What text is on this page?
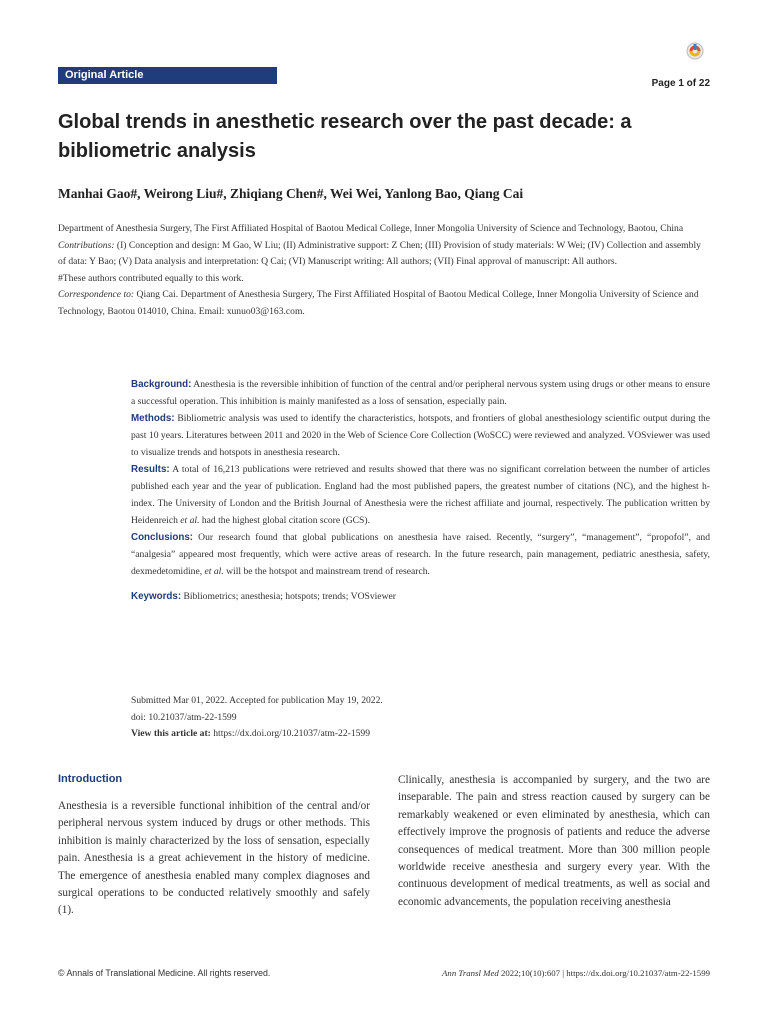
Original Article
Page 1 of 22
Global trends in anesthetic research over the past decade: a bibliometric analysis
Manhai Gao#, Weirong Liu#, Zhiqiang Chen#, Wei Wei, Yanlong Bao, Qiang Cai

Department of Anesthesia Surgery, The First Affiliated Hospital of Baotou Medical College, Inner Mongolia University of Science and Technology, Baotou, China

Contributions: (I) Conception and design: M Gao, W Liu; (II) Administrative support: Z Chen; (III) Provision of study materials: W Wei; (IV) Collection and assembly of data: Y Bao; (V) Data analysis and interpretation: Q Cai; (VI) Manuscript writing: All authors; (VII) Final approval of manuscript: All authors.

#These authors contributed equally to this work.

Correspondence to: Qiang Cai. Department of Anesthesia Surgery, The First Affiliated Hospital of Baotou Medical College, Inner Mongolia University of Science and Technology, Baotou 014010, China. Email: xunuo03@163.com.

Background: Anesthesia is the reversible inhibition of function of the central and/or peripheral nervous system using drugs or other means to ensure a successful operation. This inhibition is mainly manifested as a loss of sensation, especially pain.

Methods: Bibliometric analysis was used to identify the characteristics, hotspots, and frontiers of global anesthesiology scientific output during the past 10 years. Literatures between 2011 and 2020 in the Web of Science Core Collection (WoSCC) were reviewed and analyzed. VOSviewer was used to visualize trends and hotspots in anesthesia research.

Results: A total of 16,213 publications were retrieved and results showed that there was no significant correlation between the number of articles published each year and the year of publication. England had the most published papers, the greatest number of citations (NC), and the highest h-index. The University of London and the British Journal of Anesthesia were the richest affiliate and journal, respectively. The publication written by Heidenreich et al. had the highest global citation score (GCS).

Conclusions: Our research found that global publications on anesthesia have raised. Recently, “surgery”, “management”, “propofol”, and “analgesia” appeared most frequently, which were active areas of research. In the future research, pain management, pediatric anesthesia, safety, dexmedetomidine, et al. will be the hotspot and mainstream trend of research.

Keywords: Bibliometrics; anesthesia; hotspots; trends; VOSviewer

Submitted Mar 01, 2022. Accepted for publication May 19, 2022.

doi: 10.21037/atm-22-1599

View this article at: https://dx.doi.org/10.21037/atm-22-1599

Introduction

Anesthesia is a reversible functional inhibition of the central and/or peripheral nervous system induced by drugs or other methods. This inhibition is mainly characterized by the loss of sensation, especially pain. Anesthesia is a great achievement in the history of medicine. The emergence of anesthesia enabled many complex diagnoses and surgical operations to be conducted relatively smoothly and safely (1).

Clinically, anesthesia is accompanied by surgery, and the two are inseparable. The pain and stress reaction caused by surgery can be remarkably weakened or even eliminated by anesthesia, which can effectively improve the prognosis of patients and reduce the adverse consequences of medical treatment. More than 300 million people worldwide receive anesthesia and surgery every year. With the continuous development of medical treatments, as well as social and economic advancements, the population receiving anesthesia

© Annals of Translational Medicine. All rights reserved.	Ann Transl Med 2022;10(10):607 | https://dx.doi.org/10.21037/atm-22-1599
